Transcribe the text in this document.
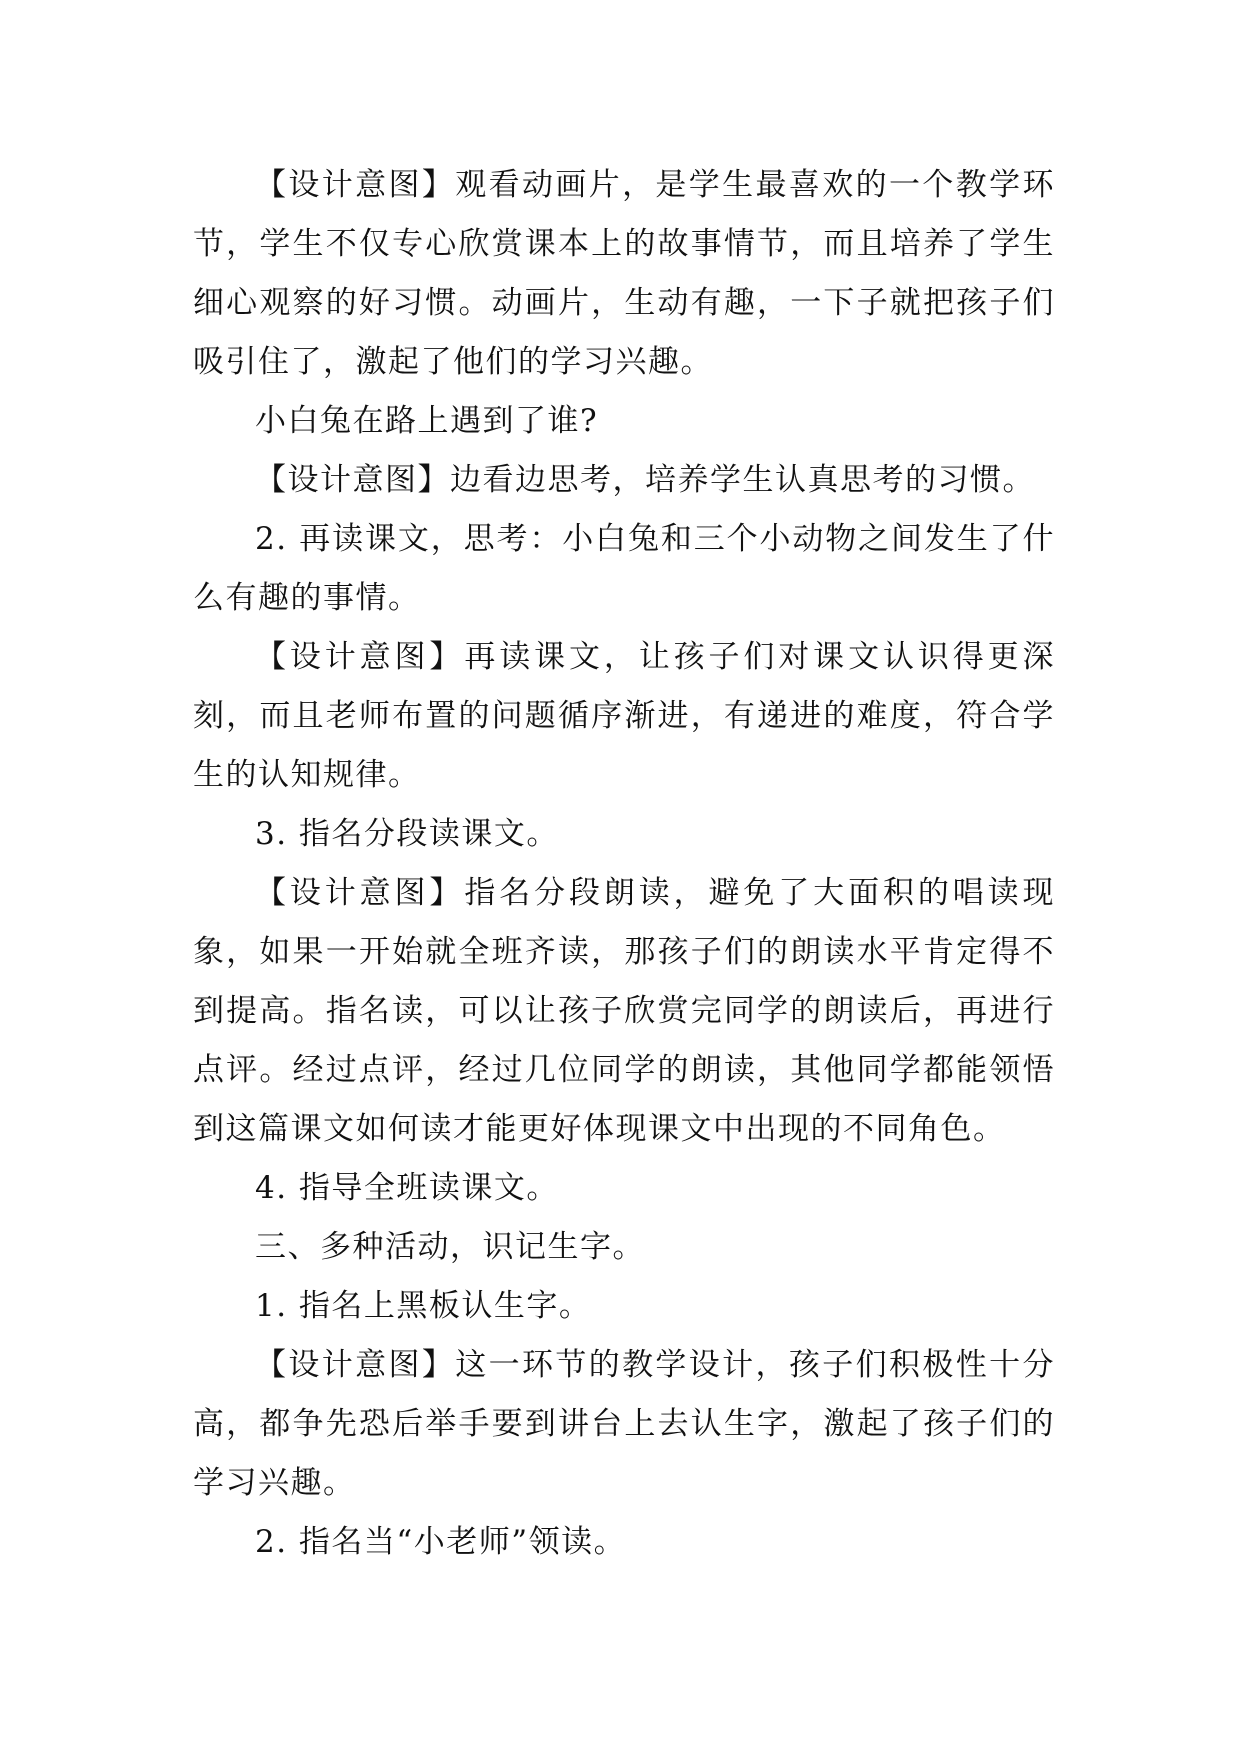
【设计意图】观看动画片，是学生最喜欢的一个教学环节，学生不仅专心欣赏课本上的故事情节，而且培养了学生细心观察的好习惯。动画片，生动有趣，一下子就把孩子们吸引住了，激起了他们的学习兴趣。

小白兔在路上遇到了谁?

【设计意图】边看边思考，培养学生认真思考的习惯。

2. 再读课文，思考：小白兔和三个小动物之间发生了什么有趣的事情。

【设计意图】再读课文，让孩子们对课文认识得更深刻，而且老师布置的问题循序渐进，有递进的难度，符合学生的认知规律。

3. 指名分段读课文。

【设计意图】指名分段朗读，避免了大面积的唱读现象，如果一开始就全班齐读，那孩子们的朗读水平肯定得不到提高。指名读，可以让孩子欣赏完同学的朗读后，再进行点评。经过点评，经过几位同学的朗读，其他同学都能领悟到这篇课文如何读才能更好体现课文中出现的不同角色。

4. 指导全班读课文。

三、多种活动，识记生字。

1. 指名上黑板认生字。

【设计意图】这一环节的教学设计，孩子们积极性十分高，都争先恐后举手要到讲台上去认生字，激起了孩子们的学习兴趣。

2. 指名当“小老师”领读。
